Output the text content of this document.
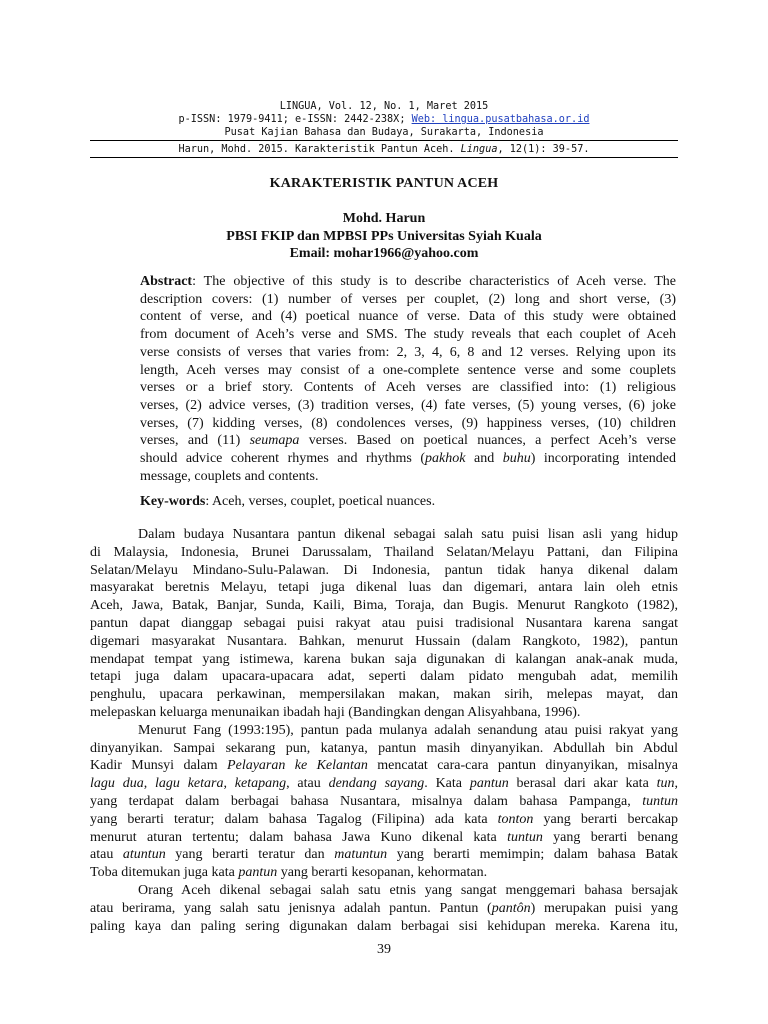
LINGUA, Vol. 12, No. 1, Maret 2015
p-ISSN: 1979-9411; e-ISSN: 2442-238X; Web: lingua.pusatbahasa.or.id
Pusat Kajian Bahasa dan Budaya, Surakarta, Indonesia
Harun, Mohd. 2015. Karakteristik Pantun Aceh. Lingua, 12(1): 39-57.
KARAKTERISTIK PANTUN ACEH
Mohd. Harun
PBSI FKIP dan MPBSI PPs Universitas Syiah Kuala
Email: mohar1966@yahoo.com
Abstract: The objective of this study is to describe characteristics of Aceh verse. The
description covers: (1) number of verses per couplet, (2) long and short verse, (3)
content of verse, and (4) poetical nuance of verse. Data of this study were obtained
from document of Aceh’s verse and SMS. The study reveals that each couplet of Aceh
verse consists of verses that varies from: 2, 3, 4, 6, 8 and 12 verses. Relying upon its
length, Aceh verses may consist of a one-complete sentence verse and some couplets
verses or a brief story. Contents of Aceh verses are classified into: (1) religious
verses, (2) advice verses, (3) tradition verses, (4) fate verses, (5) young verses, (6) joke
verses, (7) kidding verses, (8) condolences verses, (9) happiness verses, (10) children
verses, and (11) seumapa verses. Based on poetical nuances, a perfect Aceh’s verse
should advice coherent rhymes and rhythms (pakhok and buhu) incorporating intended
message, couplets and contents.
Key-words: Aceh, verses, couplet, poetical nuances.
Dalam budaya Nusantara pantun dikenal sebagai salah satu puisi lisan asli yang hidup
di Malaysia, Indonesia, Brunei Darussalam, Thailand Selatan/Melayu Pattani, dan Filipina
Selatan/Melayu Mindano-Sulu-Palawan. Di Indonesia, pantun tidak hanya dikenal dalam
masyarakat beretnis Melayu, tetapi juga dikenal luas dan digemari, antara lain oleh etnis
Aceh, Jawa, Batak, Banjar, Sunda, Kaili, Bima, Toraja, dan Bugis. Menurut Rangkoto (1982),
pantun dapat dianggap sebagai puisi rakyat atau puisi tradisional Nusantara karena sangat
digemari masyarakat Nusantara. Bahkan, menurut Hussain (dalam Rangkoto, 1982), pantun
mendapat tempat yang istimewa, karena bukan saja digunakan di kalangan anak-anak muda,
tetapi juga dalam upacara-upacara adat, seperti dalam pidato mengubah adat, memilih
penghulu, upacara perkawinan, mempersilakan makan, makan sirih, melepas mayat, dan
melepaskan keluarga menunaikan ibadah haji (Bandingkan dengan Alisyahbana, 1996).
Menurut Fang (1993:195), pantun pada mulanya adalah senandung atau puisi rakyat yang
dinyanyikan. Sampai sekarang pun, katanya, pantun masih dinyanyikan. Abdullah bin Abdul
Kadir Munsyi dalam Pelayaran ke Kelantan mencatat cara-cara pantun dinyanyikan, misalnya
lagu dua, lagu ketara, ketapang, atau dendang sayang. Kata pantun berasal dari akar kata tun,
yang terdapat dalam berbagai bahasa Nusantara, misalnya dalam bahasa Pampanga, tuntun
yang berarti teratur; dalam bahasa Tagalog (Filipina) ada kata tonton yang berarti bercakap
menurut aturan tertentu; dalam bahasa Jawa Kuno dikenal kata tuntun yang berarti benang
atau atuntun yang berarti teratur dan matuntun yang berarti memimpin; dalam bahasa Batak
Toba ditemukan juga kata pantun yang berarti kesopanan, kehormatan.
Orang Aceh dikenal sebagai salah satu etnis yang sangat menggemari bahasa bersajak
atau berirama, yang salah satu jenisnya adalah pantun. Pantun (pantôn) merupakan puisi yang
paling kaya dan paling sering digunakan dalam berbagai sisi kehidupan mereka. Karena itu,
39
